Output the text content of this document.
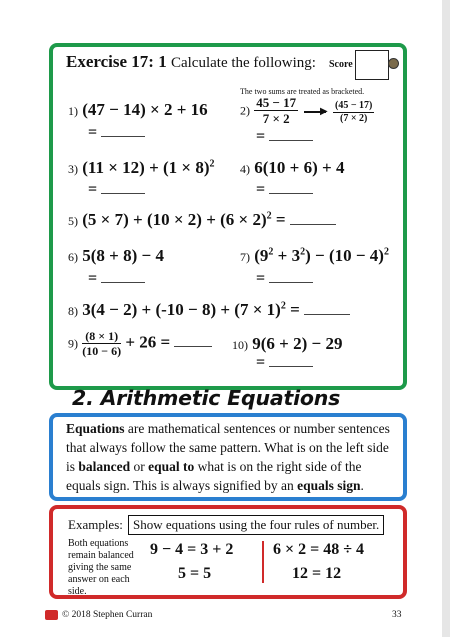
Exercise 17: 1 Calculate the following: Score
The two sums are treated as bracketed.
1) (47 − 14) × 2 + 16
=
$2) \frac{45 - 17}{7 \times 2}$ ▶ $\frac{(45 - 17)}{(7 \times 2)}$
=
3) $(11 \times 12) + (1 \times 8)^2$
=
4) 6(10 + 6) + 4
=
5) $(5 \times 7) + (10 \times 2) + (6 \times 2)^2$ =
6) 5(8 + 8) − 4
=
7) $(9^2 + 3^2) - (10 - 4)^2$
=
8) $3(4 - 2) + (-10 - 8) + (7 \times 1)^2$ =
$9) \frac{(8 \times 1)}{(10 - 6)} + 26$ =	10) 9(6 + 2) − 29
=
2. Arithmetic Equations
Equations are mathematical sentences or number sentences that always follow the same pattern. What is on the left side is balanced or equal to what is on the right side of the equals sign. This is always signified by an equals sign.
Examples: Show equations using the four rules of number.
Both equations remain balanced giving the same answer on each side.
9 − 4 = 3 + 2
5 = 5
6 × 2 = 48 ÷ 4
12 = 12
© 2018 Stephen Curran	33
